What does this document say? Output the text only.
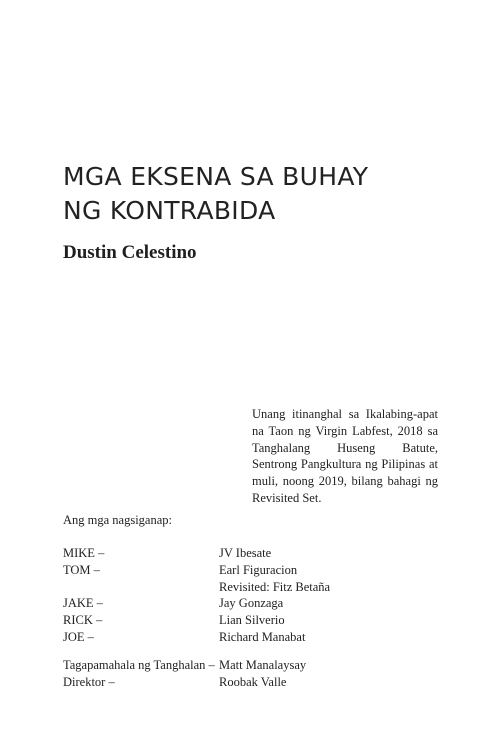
MGA EKSENA SA BUHAY
NG KONTRABIDA
Dustin Celestino

Unang itinanghal sa Ikalabing-apat na Taon ng Virgin Labfest, 2018 sa Tanghalang Huseng Batute, Sentrong Pangkultura ng Pilipinas at muli, noong 2019, bilang bahagi ng Revisited Set.

Ang mga nagsiganap:

MIKE –	JV Ibesate
TOM –	Earl Figuracion
Revisited: Fitz Betaña
JAKE –	Jay Gonzaga
RICK –	Lian Silverio
JOE –	Richard Manabat
Tagapamahala ng Tanghalan – Matt Manalaysay
Direktor –	Roobak Valle
